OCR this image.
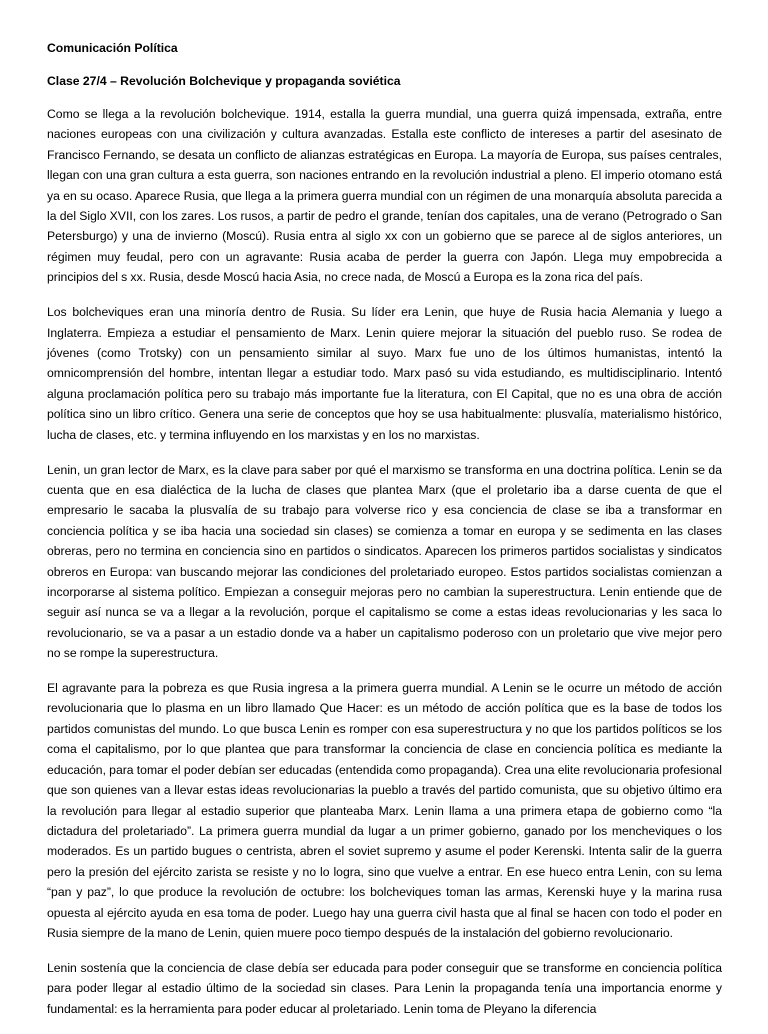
Comunicación Política
Clase 27/4 – Revolución Bolchevique y propaganda soviética

Como se llega a la revolución bolchevique. 1914, estalla la guerra mundial, una guerra quizá impensada, extraña, entre naciones europeas con una civilización y cultura avanzadas. Estalla este conflicto de intereses a partir del asesinato de Francisco Fernando, se desata un conflicto de alianzas estratégicas en Europa. La mayoría de Europa, sus países centrales, llegan con una gran cultura a esta guerra, son naciones entrando en la revolución industrial a pleno. El imperio otomano está ya en su ocaso. Aparece Rusia, que llega a la primera guerra mundial con un régimen de una monarquía absoluta parecida a la del Siglo XVII, con los zares. Los rusos, a partir de pedro el grande, tenían dos capitales, una de verano (Petrogrado o San Petersburgo) y una de invierno (Moscú). Rusia entra al siglo xx con un gobierno que se parece al de siglos anteriores, un régimen muy feudal, pero con un agravante: Rusia acaba de perder la guerra con Japón. Llega muy empobrecida a principios del s xx. Rusia, desde Moscú hacia Asia, no crece nada, de Moscú a Europa es la zona rica del país.

Los bolcheviques eran una minoría dentro de Rusia. Su líder era Lenin, que huye de Rusia hacia Alemania y luego a Inglaterra. Empieza a estudiar el pensamiento de Marx. Lenin quiere mejorar la situación del pueblo ruso. Se rodea de jóvenes (como Trotsky) con un pensamiento similar al suyo. Marx fue uno de los últimos humanistas, intentó la omnicomprensión del hombre, intentan llegar a estudiar todo. Marx pasó su vida estudiando, es multidisciplinario. Intentó alguna proclamación política pero su trabajo más importante fue la literatura, con El Capital, que no es una obra de acción política sino un libro crítico. Genera una serie de conceptos que hoy se usa habitualmente: plusvalía, materialismo histórico, lucha de clases, etc. y termina influyendo en los marxistas y en los no marxistas.

Lenin, un gran lector de Marx, es la clave para saber por qué el marxismo se transforma en una doctrina política. Lenin se da cuenta que en esa dialéctica de la lucha de clases que plantea Marx (que el proletario iba a darse cuenta de que el empresario le sacaba la plusvalía de su trabajo para volverse rico y esa conciencia de clase se iba a transformar en conciencia política y se iba hacia una sociedad sin clases) se comienza a tomar en europa y se sedimenta en las clases obreras, pero no termina en conciencia sino en partidos o sindicatos. Aparecen los primeros partidos socialistas y sindicatos obreros en Europa: van buscando mejorar las condiciones del proletariado europeo. Estos partidos socialistas comienzan a incorporarse al sistema político. Empiezan a conseguir mejoras pero no cambian la superestructura. Lenin entiende que de seguir así nunca se va a llegar a la revolución, porque el capitalismo se come a estas ideas revolucionarias y les saca lo revolucionario, se va a pasar a un estadio donde va a haber un capitalismo poderoso con un proletario que vive mejor pero no se rompe la superestructura.

El agravante para la pobreza es que Rusia ingresa a la primera guerra mundial. A Lenin se le ocurre un método de acción revolucionaria que lo plasma en un libro llamado Que Hacer: es un método de acción política que es la base de todos los partidos comunistas del mundo. Lo que busca Lenin es romper con esa superestructura y no que los partidos políticos se los coma el capitalismo, por lo que plantea que para transformar la conciencia de clase en conciencia política es mediante la educación, para tomar el poder debían ser educadas (entendida como propaganda). Crea una elite revolucionaria profesional que son quienes van a llevar estas ideas revolucionarias la pueblo a través del partido comunista, que su objetivo último era la revolución para llegar al estadio superior que planteaba Marx. Lenin llama a una primera etapa de gobierno como “la dictadura del proletariado”. La primera guerra mundial da lugar a un primer gobierno, ganado por los mencheviques o los moderados. Es un partido bugues o centrista, abren el soviet supremo y asume el poder Kerenski. Intenta salir de la guerra pero la presión del ejército zarista se resiste y no lo logra, sino que vuelve a entrar. En ese hueco entra Lenin, con su lema “pan y paz”, lo que produce la revolución de octubre: los bolcheviques toman las armas, Kerenski huye y la marina rusa opuesta al ejército ayuda en esa toma de poder. Luego hay una guerra civil hasta que al final se hacen con todo el poder en Rusia siempre de la mano de Lenin, quien muere poco tiempo después de la instalación del gobierno revolucionario.

Lenin sostenía que la conciencia de clase debía ser educada para poder conseguir que se transforme en conciencia política para poder llegar al estadio último de la sociedad sin clases. Para Lenin la propaganda tenía una importancia enorme y fundamental: es la herramienta para poder educar al proletariado. Lenin toma de Pleyano la diferencia
